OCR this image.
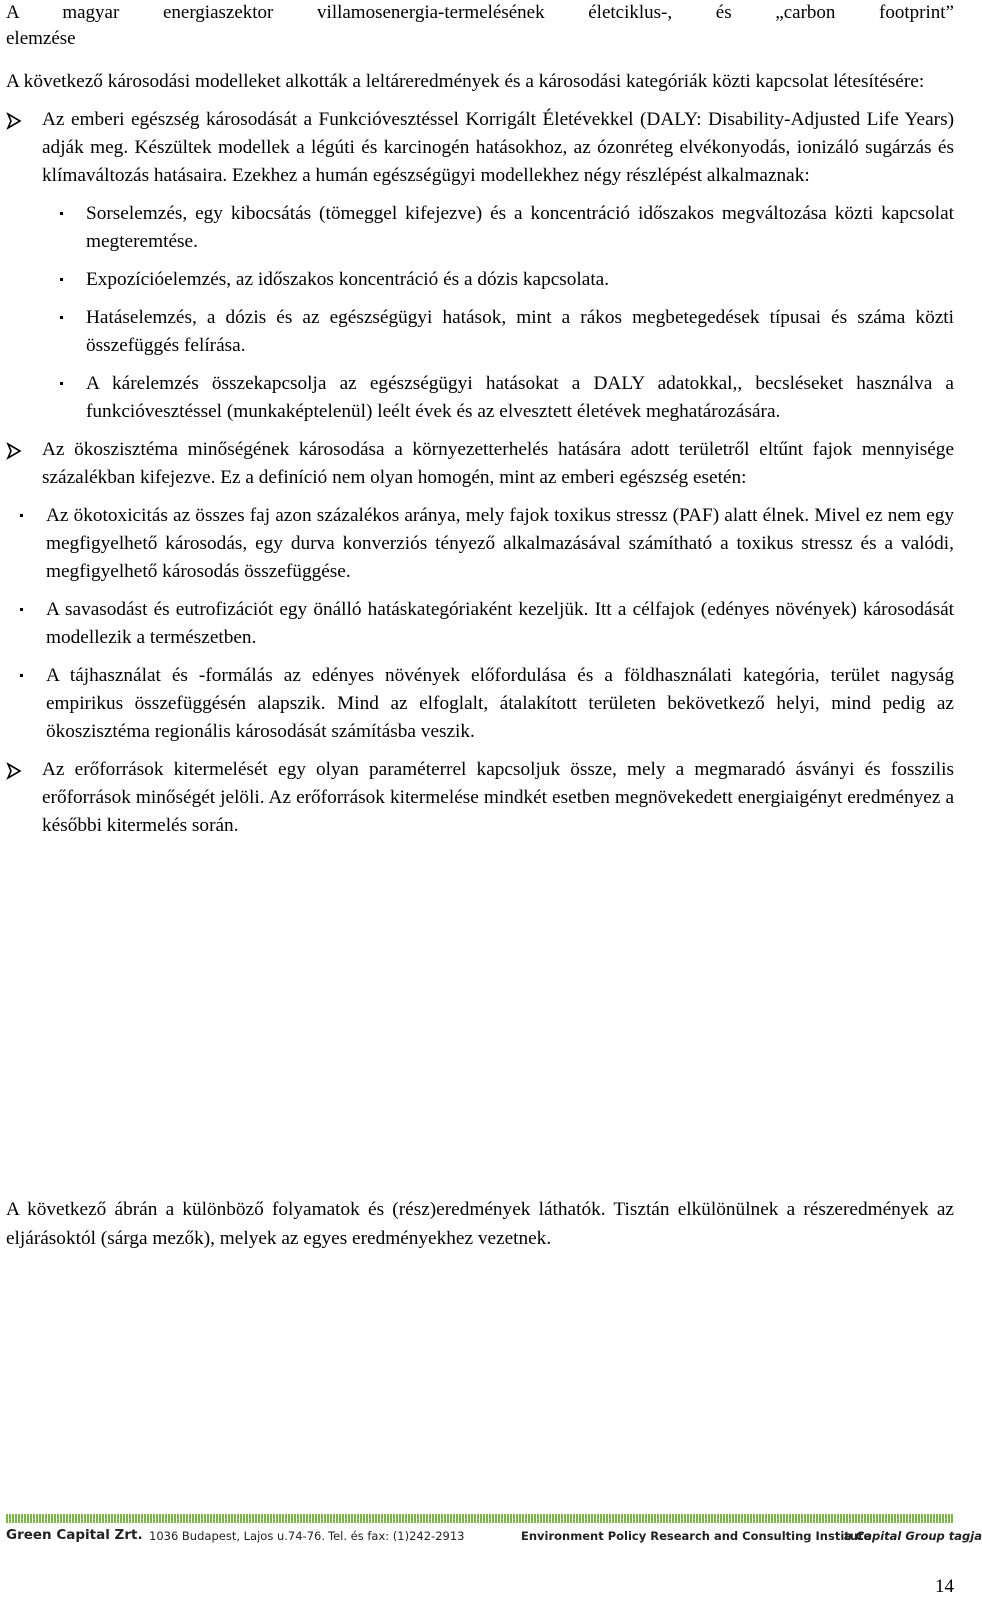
A magyar energiaszektor villamosenergia-termelésének életciklus-, és „carbon footprint”
elemzése

A következő károsodási modelleket alkották a leltáreredmények és a károsodási kategóriák közti kapcsolat létesítésére:

Az emberi egészség károsodását a Funkcióvesztéssel Korrigált Életévekkel (DALY: Disability-Adjusted Life Years) adják meg. Készültek modellek a légúti és karcinogén hatásokhoz, az ózonréteg elvékonyodás, ionizáló sugárzás és klímaváltozás hatásaira. Ezekhez a humán egészségügyi modellekhez négy részlépést alkalmaznak:
Sorselemzés, egy kibocsátás (tömeggel kifejezve) és a koncentráció időszakos megváltozása közti kapcsolat megteremtése.
Expozícióelemzés, az időszakos koncentráció és a dózis kapcsolata.
Hatáselemzés, a dózis és az egészségügyi hatások, mint a rákos megbetegedések típusai és száma közti összefüggés felírása.
A kárelemzés összekapcsolja az egészségügyi hatásokat a DALY adatokkal,, becsléseket használva a funkcióvesztéssel (munkaképtelenül) leélt évek és az elvesztett életévek meghatározására.
Az ökoszisztéma minőségének károsodása a környezetterhelés hatására adott területről eltűnt fajok mennyisége százalékban kifejezve. Ez a definíció nem olyan homogén, mint az emberi egészség esetén:
Az ökotoxicitás az összes faj azon százalékos aránya, mely fajok toxikus stressz (PAF) alatt élnek. Mivel ez nem egy megfigyelhető károsodás, egy durva konverziós tényező alkalmazásával számítható a toxikus stressz és a valódi, megfigyelhető károsodás összefüggése.
A savasodást és eutrofizációt egy önálló hatáskategóriaként kezeljük. Itt a célfajok (edényes növények) károsodását modellezik a természetben.
A tájhasználat és -formálás az edényes növények előfordulása és a földhasználati kategória, terület nagyság empirikus összefüggésén alapszik. Mind az elfoglalt, átalakított területen bekövetkező helyi, mind pedig az ökoszisztéma regionális károsodását számításba veszik.
Az erőforrások kitermelését egy olyan paraméterrel kapcsoljuk össze, mely a megmaradó ásványi és fosszilis erőforrások minőségét jelöli. Az erőforrások kitermelése mindkét esetben megnövekedett energiaigényt eredményez a későbbi kitermelés során.

A következő ábrán a különböző folyamatok és (rész)eredmények láthatók. Tisztán elkülönülnek a részeredmények az eljárásoktól (sárga mezők), melyek az egyes eredményekhez vezetnek.

Green Capital Zrt. 1036 Budapest, Lajos u.74-76. Tel. és fax: (1)242-2913	Environment Policy Research and Consulting Institute
a Capital Group tagja
14
